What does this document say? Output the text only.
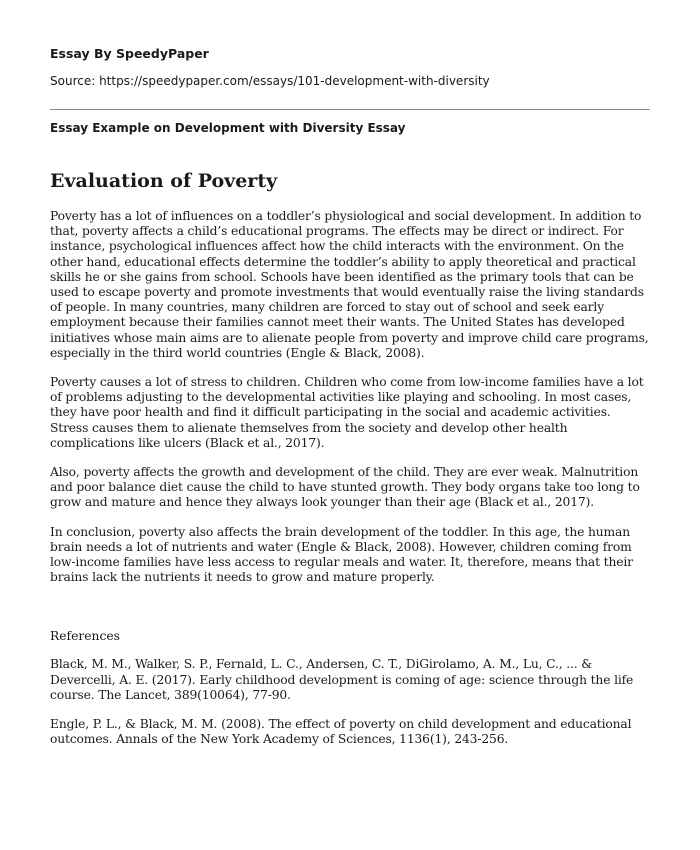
Essay By SpeedyPaper

Source: https://speedypaper.com/essays/101-development-with-diversity

Essay Example on Development with Diversity Essay

Evaluation of Poverty

Poverty has a lot of influences on a toddler’s physiological and social development. In addition to that, poverty affects a child’s educational programs. The effects may be direct or indirect. For instance, psychological influences affect how the child interacts with the environment. On the other hand, educational effects determine the toddler’s ability to apply theoretical and practical skills he or she gains from school. Schools have been identified as the primary tools that can be used to escape poverty and promote investments that would eventually raise the living standards of people. In many countries, many children are forced to stay out of school and seek early employment because their families cannot meet their wants. The United States has developed initiatives whose main aims are to alienate people from poverty and improve child care programs, especially in the third world countries (Engle & Black, 2008).

Poverty causes a lot of stress to children. Children who come from low-income families have a lot of problems adjusting to the developmental activities like playing and schooling. In most cases, they have poor health and find it difficult participating in the social and academic activities. Stress causes them to alienate themselves from the society and develop other health complications like ulcers (Black et al., 2017).

Also, poverty affects the growth and development of the child. They are ever weak. Malnutrition and poor balance diet cause the child to have stunted growth. They body organs take too long to grow and mature and hence they always look younger than their age (Black et al., 2017).

In conclusion, poverty also affects the brain development of the toddler. In this age, the human brain needs a lot of nutrients and water (Engle & Black, 2008). However, children coming from low-income families have less access to regular meals and water. It, therefore, means that their brains lack the nutrients it needs to grow and mature properly.

References

Black, M. M., Walker, S. P., Fernald, L. C., Andersen, C. T., DiGirolamo, A. M., Lu, C., ... & Devercelli, A. E. (2017). Early childhood development is coming of age: science through the life course. The Lancet, 389(10064), 77-90.

Engle, P. L., & Black, M. M. (2008). The effect of poverty on child development and educational outcomes. Annals of the New York Academy of Sciences, 1136(1), 243-256.
